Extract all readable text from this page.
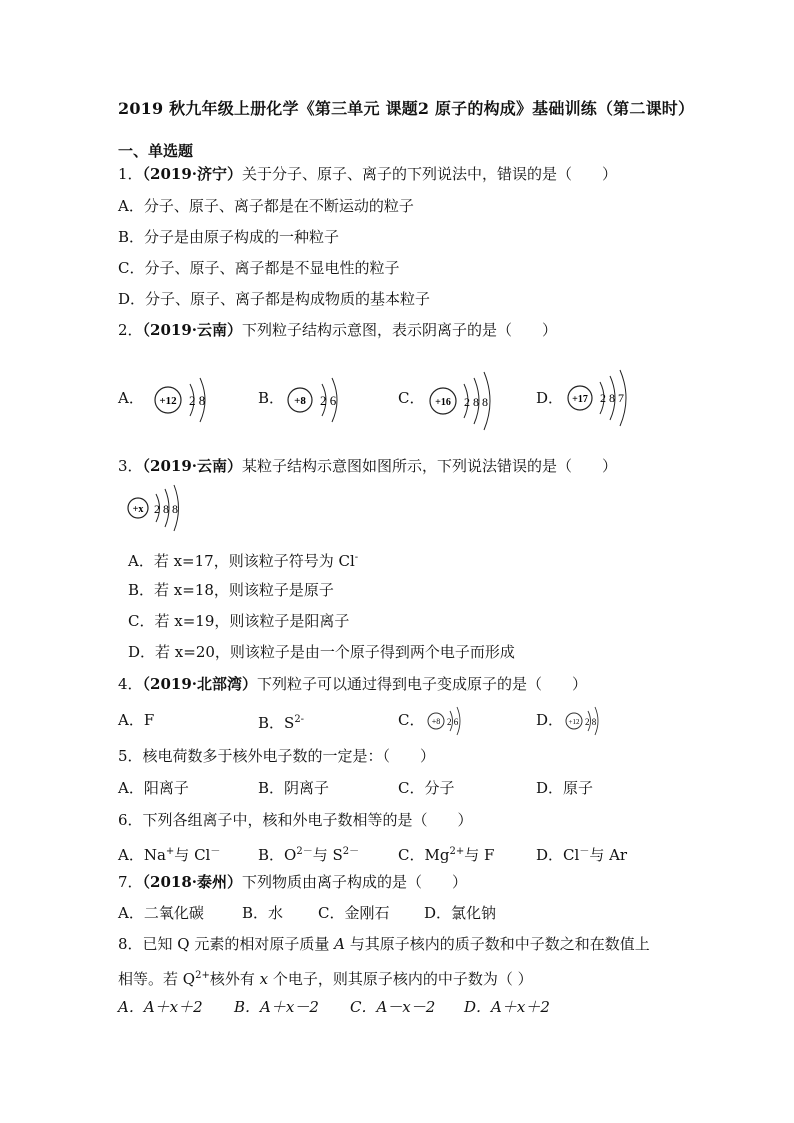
2019 秋九年级上册化学《第三单元 课题2 原子的构成》基础训练（第二课时）
一、单选题
1．（2019·济宁）关于分子、原子、离子的下列说法中，错误的是（　　）
A．分子、原子、离子都是在不断运动的粒子
B．分子是由原子构成的一种粒子
C．分子、原子、离子都是不显电性的粒子
D．分子、原子、离子都是构成物质的基本粒子
2．（2019·云南）下列粒子结构示意图，表示阴离子的是（　　）
A． +12 2 8	B． +8 2 6	C． +16 2 8 8	D． +17 2 8 7
3．（2019·云南）某粒子结构示意图如图所示，下列说法错误的是（　　）
+x 2 8 8
A．若 x=17，则该粒子符号为 Cl-
B．若 x=18，则该粒子是原子
C．若 x=19，则该粒子是阳离子
D．若 x=20，则该粒子是由一个原子得到两个电子而形成
4．（2019·北部湾）下列粒子可以通过得到电子变成原子的是（　　）
A．F	B．$S^{2-}$	C． +8 2 6	D． +12 2 8
5．核电荷数多于核外电子数的一定是：（　　）
A．阳离子	B．阴离子	C．分子	D．原子
6．下列各组离子中，核和外电子数相等的是（　　）
A．Na+与 Cl－	B．$O^{2-}$与 $S^{2-}$	C．$Mg^{2+}$与 F	D．Cl－与 Ar
7．（2018·泰州）下列物质由离子构成的是（　　）
A．二氧化碳	B．水 C．金刚石 D．氯化钠
8．已知 Q 元素的相对原子质量 A 与其原子核内的质子数和中子数之和在数值上
相等。若 $Q^{2+}$核外有 x 个电子，则其原子核内的中子数为（ ）
A．A＋x＋2 B．A＋x－2 C．A－x－2 D．A＋x＋2
